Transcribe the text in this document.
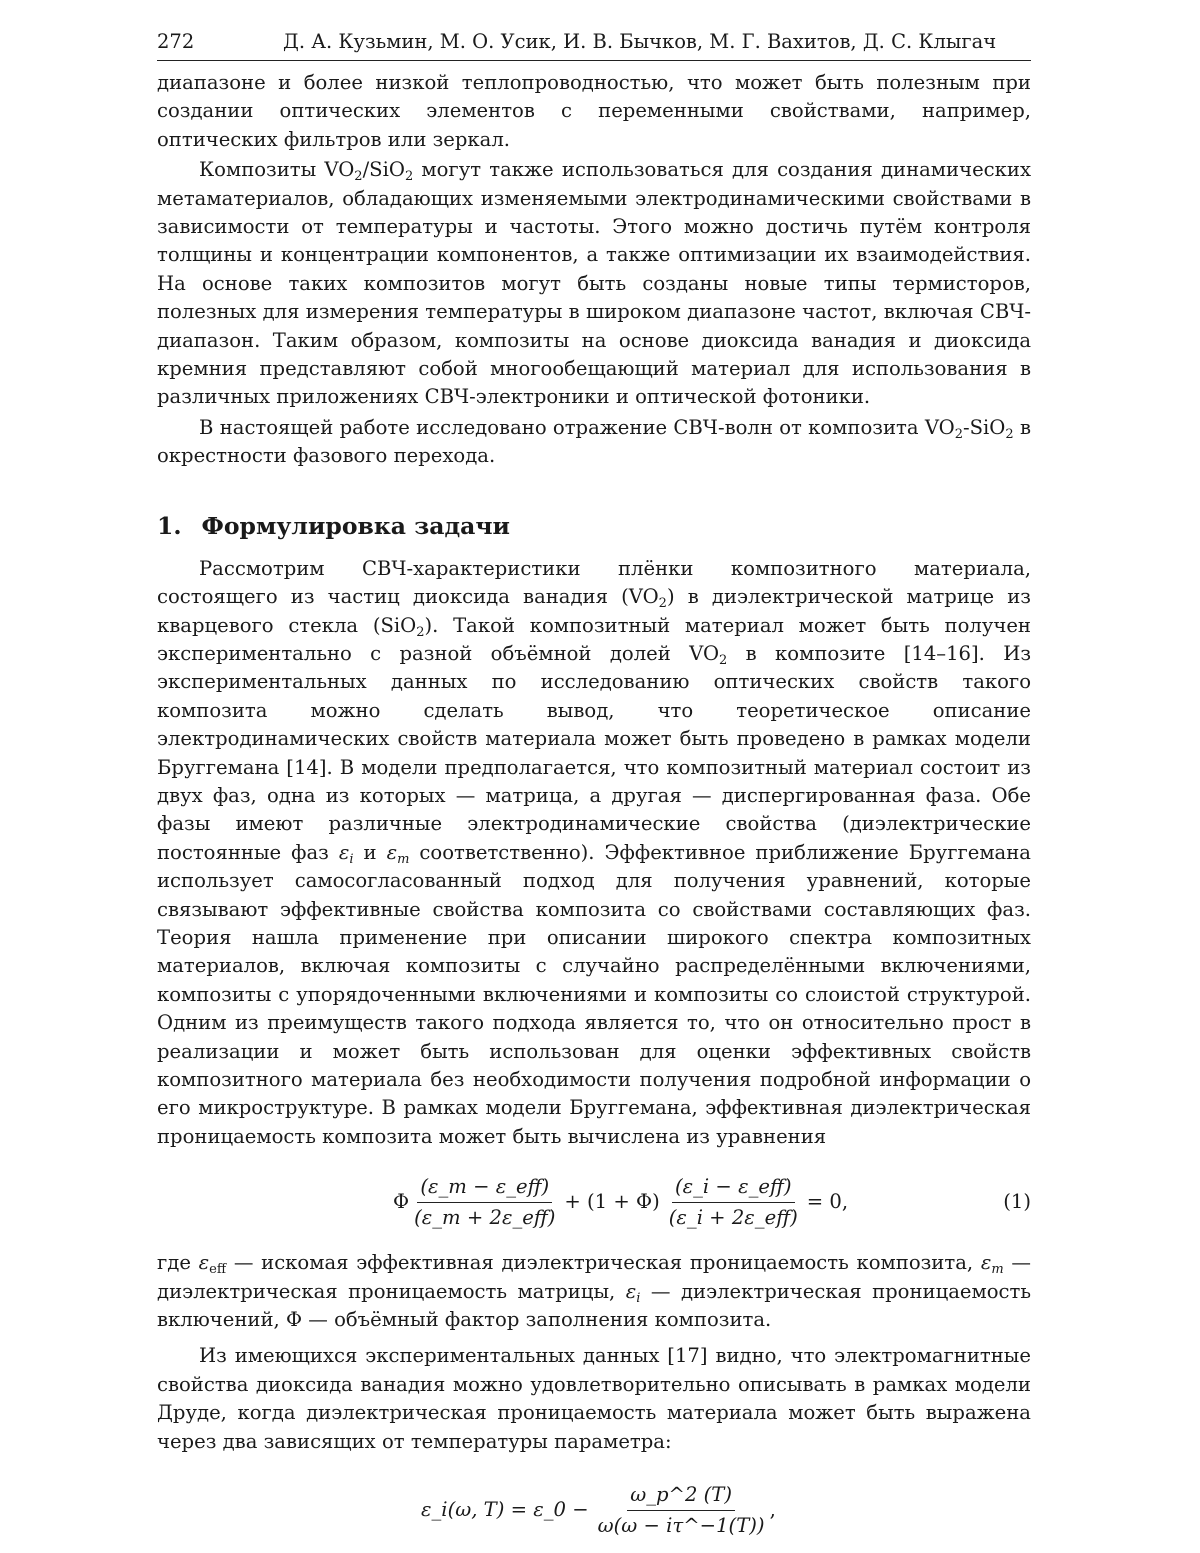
272	Д. А. Кузьмин, М. О. Усик, И. В. Бычков, М. Г. Вахитов, Д. С. Клыгач

диапазоне и более низкой теплопроводностью, что может быть полезным при создании оптических элементов с переменными свойствами, например, оптических фильтров или зеркал.

Композиты $VO_2/SiO_2$ могут также использоваться для создания динамических метаматериалов, обладающих изменяемыми электродинамическими свойствами в зависимости от температуры и частоты. Этого можно достичь путём контроля толщины и концентрации компонентов, а также оптимизации их взаимодействия. На основе таких композитов могут быть созданы новые типы термисторов, полезных для измерения температуры в широком диапазоне частот, включая СВЧ-диапазон. Таким образом, композиты на основе диоксида ванадия и диоксида кремния представляют собой многообещающий материал для использования в различных приложениях СВЧ-электроники и оптической фотоники.

В настоящей работе исследовано отражение СВЧ-волн от композита $VO_2-SiO_2$ в окрестности фазового перехода.

1. Формулировка задачи

Рассмотрим СВЧ-характеристики плёнки композитного материала, состоящего из частиц диоксида ванадия $(VO_2)$ в диэлектрической матрице из кварцевого стекла (SiO$_2$). Такой композитный материал может быть получен экспериментально с разной объёмной долей $VO_2$ в композите [14–16]. Из экспериментальных данных по исследованию оптических свойств такого композита можно сделать вывод, что теоретическое описание электродинамических свойств материала может быть проведено в рамках модели Бруггемана [14]. В модели предполагается, что композитный материал состоит из двух фаз, одна из которых — матрица, а другая — диспергированная фаза. Обе фазы имеют различные электродинамические свойства (диэлектрические постоянные фаз $\varepsilon_i$ и $\varepsilon_m$ соответственно). Эффективное приближение Бруггемана использует самосогласованный подход для получения уравнений, которые связывают эффективные свойства композита со свойствами составляющих фаз. Теория нашла применение при описании широкого спектра композитных материалов, включая композиты с случайно распределёнными включениями, композиты с упорядоченными включениями и композиты со слоистой структурой. Одним из преимуществ такого подхода является то, что он относительно прост в реализации и может быть использован для оценки эффективных свойств композитного материала без необходимости получения подробной информации о его микроструктуре. В рамках модели Бруггемана, эффективная диэлектрическая проницаемость композита может быть вычислена из уравнения

Φ $\frac{\text{(ε\_m − ε\_eff)}}{\text{(ε\_m + 2ε\_eff)}} + (1 + \Phi) \frac{\text{(ε\_i − ε\_eff)}}{\text{(ε\_i + 2ε\_eff)}} = 0$,	(1)

где $\varepsilon_{eff}$ — искомая эффективная диэлектрическая проницаемость композита, $\varepsilon_m$ — диэлектрическая проницаемость матрицы, $\varepsilon_i$ — диэлектрическая проницаемость включений, Φ — объёмный фактор заполнения композита.

Из имеющихся экспериментальных данных [17] видно, что электромагнитные свойства диоксида ванадия можно удовлетворительно описывать в рамках модели Друде, когда диэлектрическая проницаемость материала может быть выражена через два зависящих от температуры параметра:

ε_i(ω, T) = ε_0 − $\frac{\omega\_p\^{}2 (T)}{\omega(\omega - i\tau\^{}-1(T))}$ ,
